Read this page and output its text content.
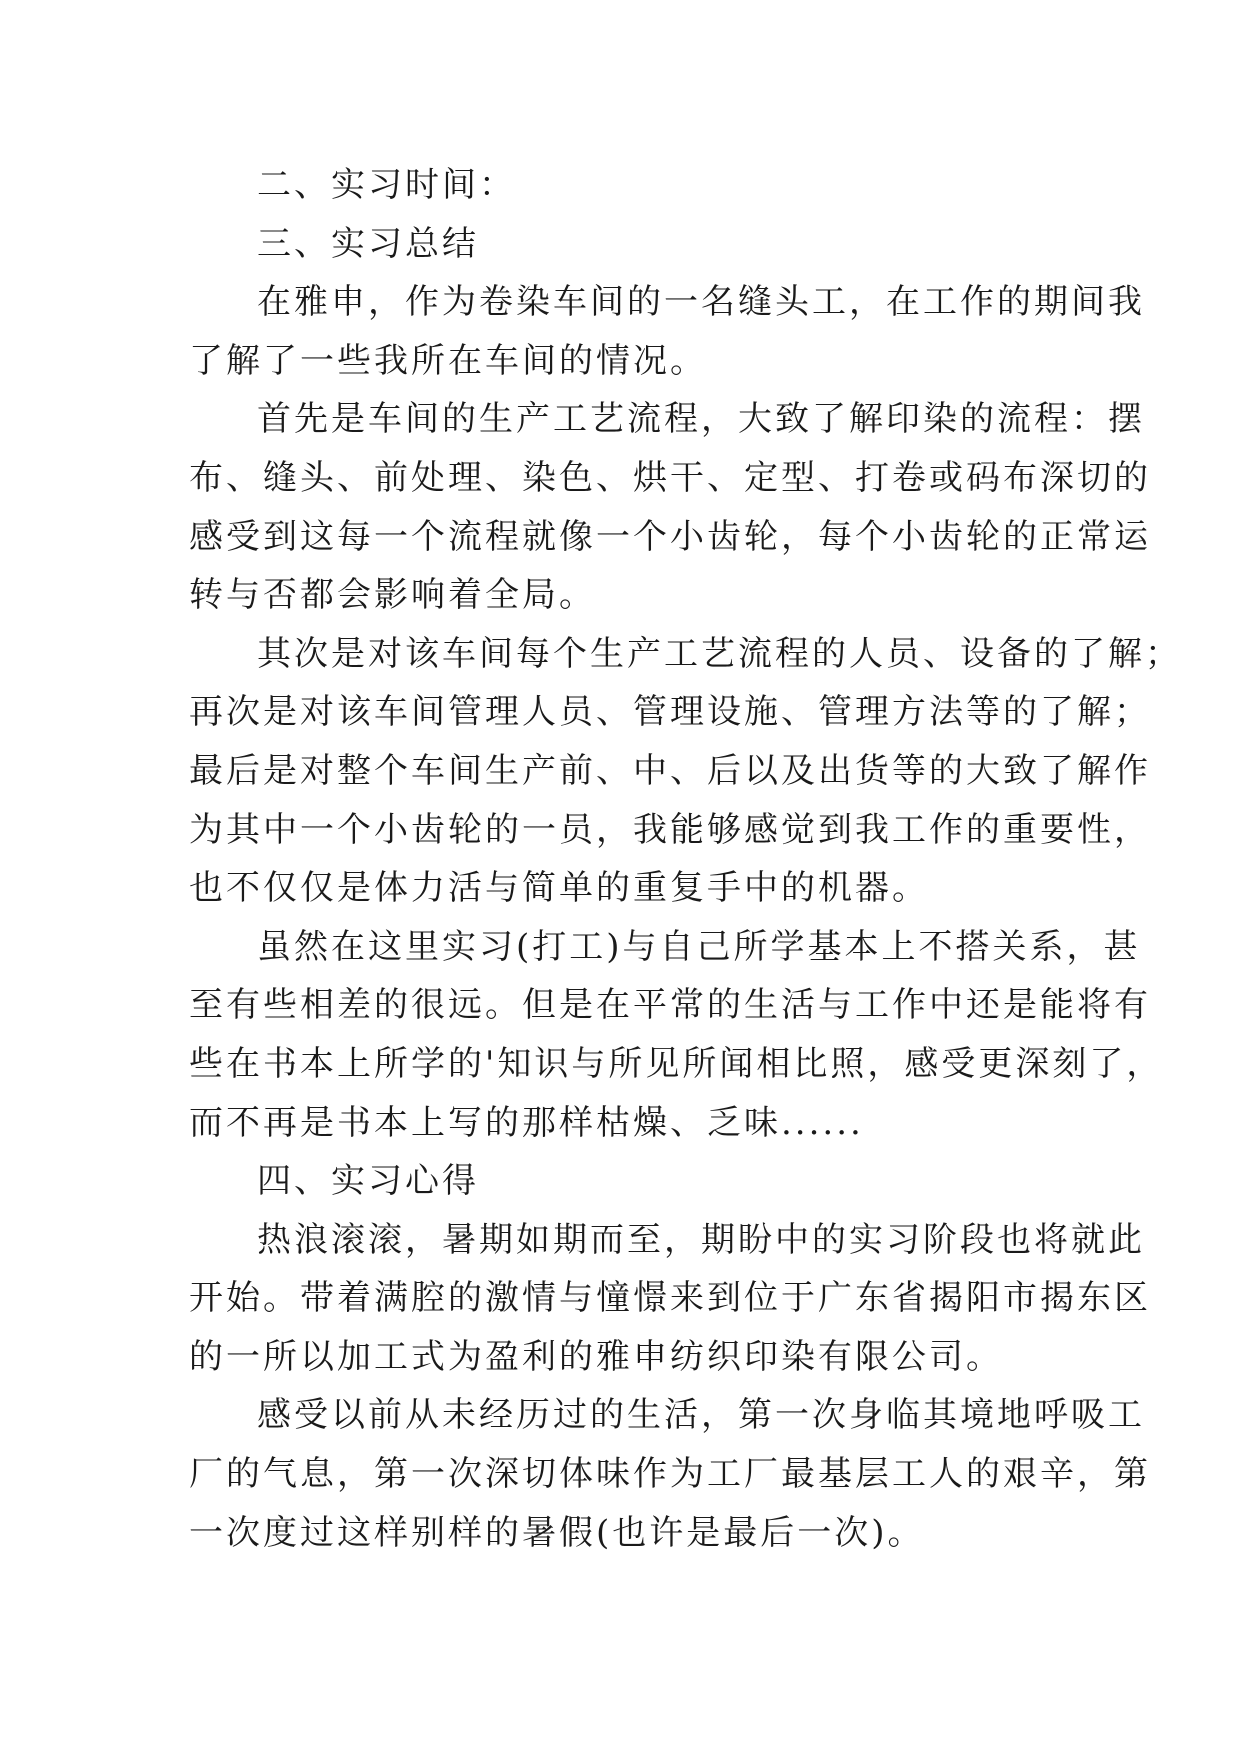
二、实习时间：
三、实习总结
在雅申，作为卷染车间的一名缝头工，在工作的期间我
了解了一些我所在车间的情况。
首先是车间的生产工艺流程，大致了解印染的流程：摆
布、缝头、前处理、染色、烘干、定型、打卷或码布深切的
感受到这每一个流程就像一个小齿轮，每个小齿轮的正常运
转与否都会影响着全局。
其次是对该车间每个生产工艺流程的人员、设备的了解；
再次是对该车间管理人员、管理设施、管理方法等的了解；
最后是对整个车间生产前、中、后以及出货等的大致了解作
为其中一个小齿轮的一员，我能够感觉到我工作的重要性，
也不仅仅是体力活与简单的重复手中的机器。
虽然在这里实习(打工)与自己所学基本上不搭关系，甚
至有些相差的很远。但是在平常的生活与工作中还是能将有
些在书本上所学的'知识与所见所闻相比照，感受更深刻了，
而不再是书本上写的那样枯燥、乏味......
四、实习心得
热浪滚滚，暑期如期而至，期盼中的实习阶段也将就此
开始。带着满腔的激情与憧憬来到位于广东省揭阳市揭东区
的一所以加工式为盈利的雅申纺织印染有限公司。
感受以前从未经历过的生活，第一次身临其境地呼吸工
厂的气息，第一次深切体味作为工厂最基层工人的艰辛，第
一次度过这样别样的暑假(也许是最后一次)。
